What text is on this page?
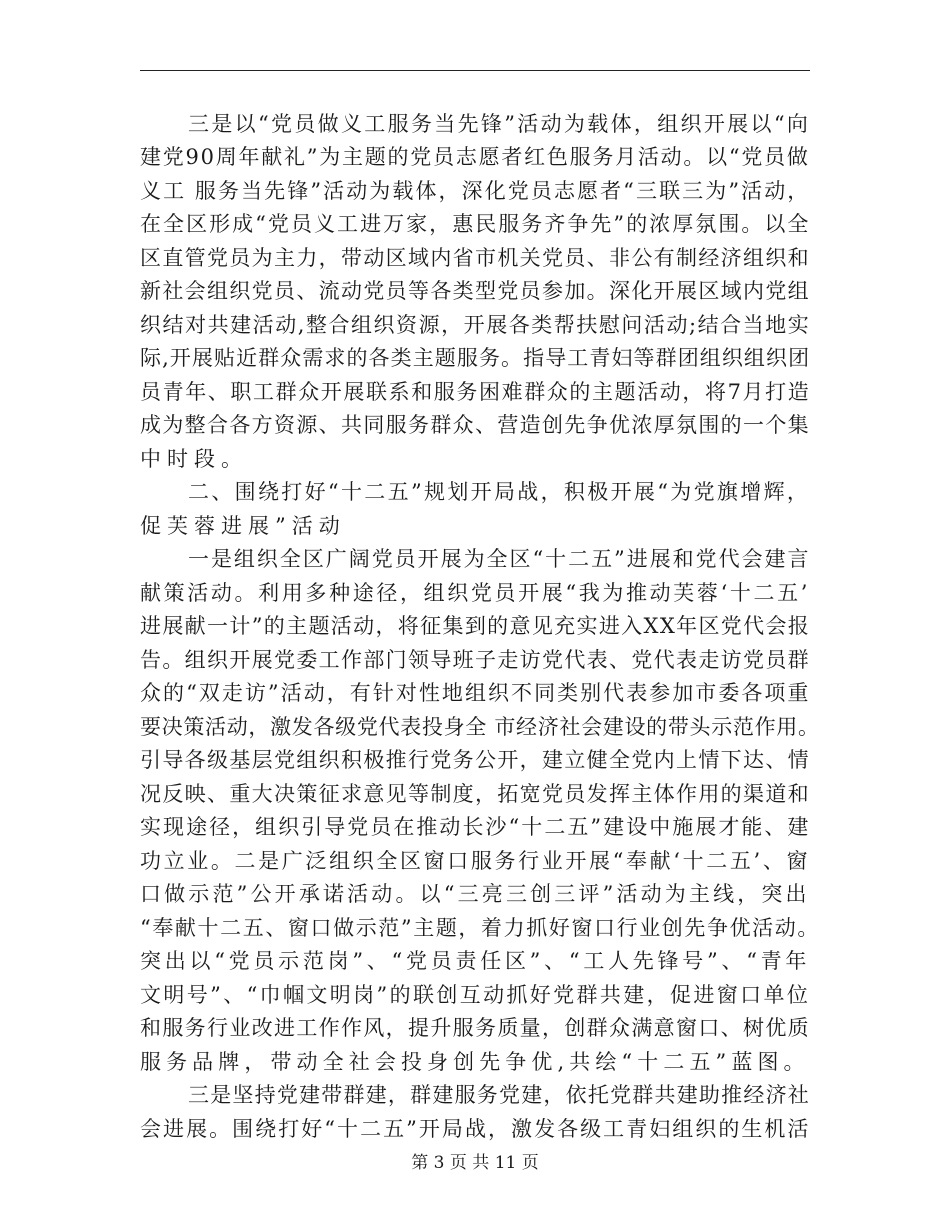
三是以“党员做义工服务当先锋”活动为载体，组织开展以“向
建党90周年献礼”为主题的党员志愿者红色服务月活动。以“党员做
义工 服务当先锋”活动为载体，深化党员志愿者“三联三为”活动，
在全区形成“党员义工进万家，惠民服务齐争先”的浓厚氛围。以全
区直管党员为主力，带动区域内省市机关党员、非公有制经济组织和
新社会组织党员、流动党员等各类型党员参加。深化开展区域内党组
织结对共建活动,整合组织资源，开展各类帮扶慰问活动;结合当地实
际,开展贴近群众需求的各类主题服务。指导工青妇等群团组织组织团
员青年、职工群众开展联系和服务困难群众的主题活动，将7月打造
成为整合各方资源、共同服务群众、营造创先争优浓厚氛围的一个集
中时段。
二、围绕打好“十二五”规划开局战，积极开展“为党旗增辉，
促芙蓉进展”活动
一是组织全区广阔党员开展为全区“十二五”进展和党代会建言
献策活动。利用多种途径，组织党员开展“我为推动芙蓉‘十二五’
进展献一计”的主题活动，将征集到的意见充实进入XX年区党代会报
告。组织开展党委工作部门领导班子走访党代表、党代表走访党员群
众的“双走访”活动，有针对性地组织不同类别代表参加市委各项重
要决策活动，激发各级党代表投身全 市经济社会建设的带头示范作用。
引导各级基层党组织积极推行党务公开，建立健全党内上情下达、情
况反映、重大决策征求意见等制度，拓宽党员发挥主体作用的渠道和
实现途径，组织引导党员在推动长沙“十二五”建设中施展才能、建
功立业。二是广泛组织全区窗口服务行业开展“奉献‘十二五’、窗
口做示范”公开承诺活动。以“三亮三创三评”活动为主线，突出
“奉献十二五、窗口做示范”主题，着力抓好窗口行业创先争优活动。
突出以“党员示范岗”、“党员责任区”、“工人先锋号”、“青年
文明号”、“巾帼文明岗”的联创互动抓好党群共建，促进窗口单位
和服务行业改进工作作风，提升服务质量，创群众满意窗口、树优质
服务品牌，带动全社会投身创先争优,共绘“十二五”蓝图。
三是坚持党建带群建，群建服务党建，依托党群共建助推经济社
会进展。围绕打好“十二五”开局战，激发各级工青妇组织的生机活
第 3 页 共 11 页
